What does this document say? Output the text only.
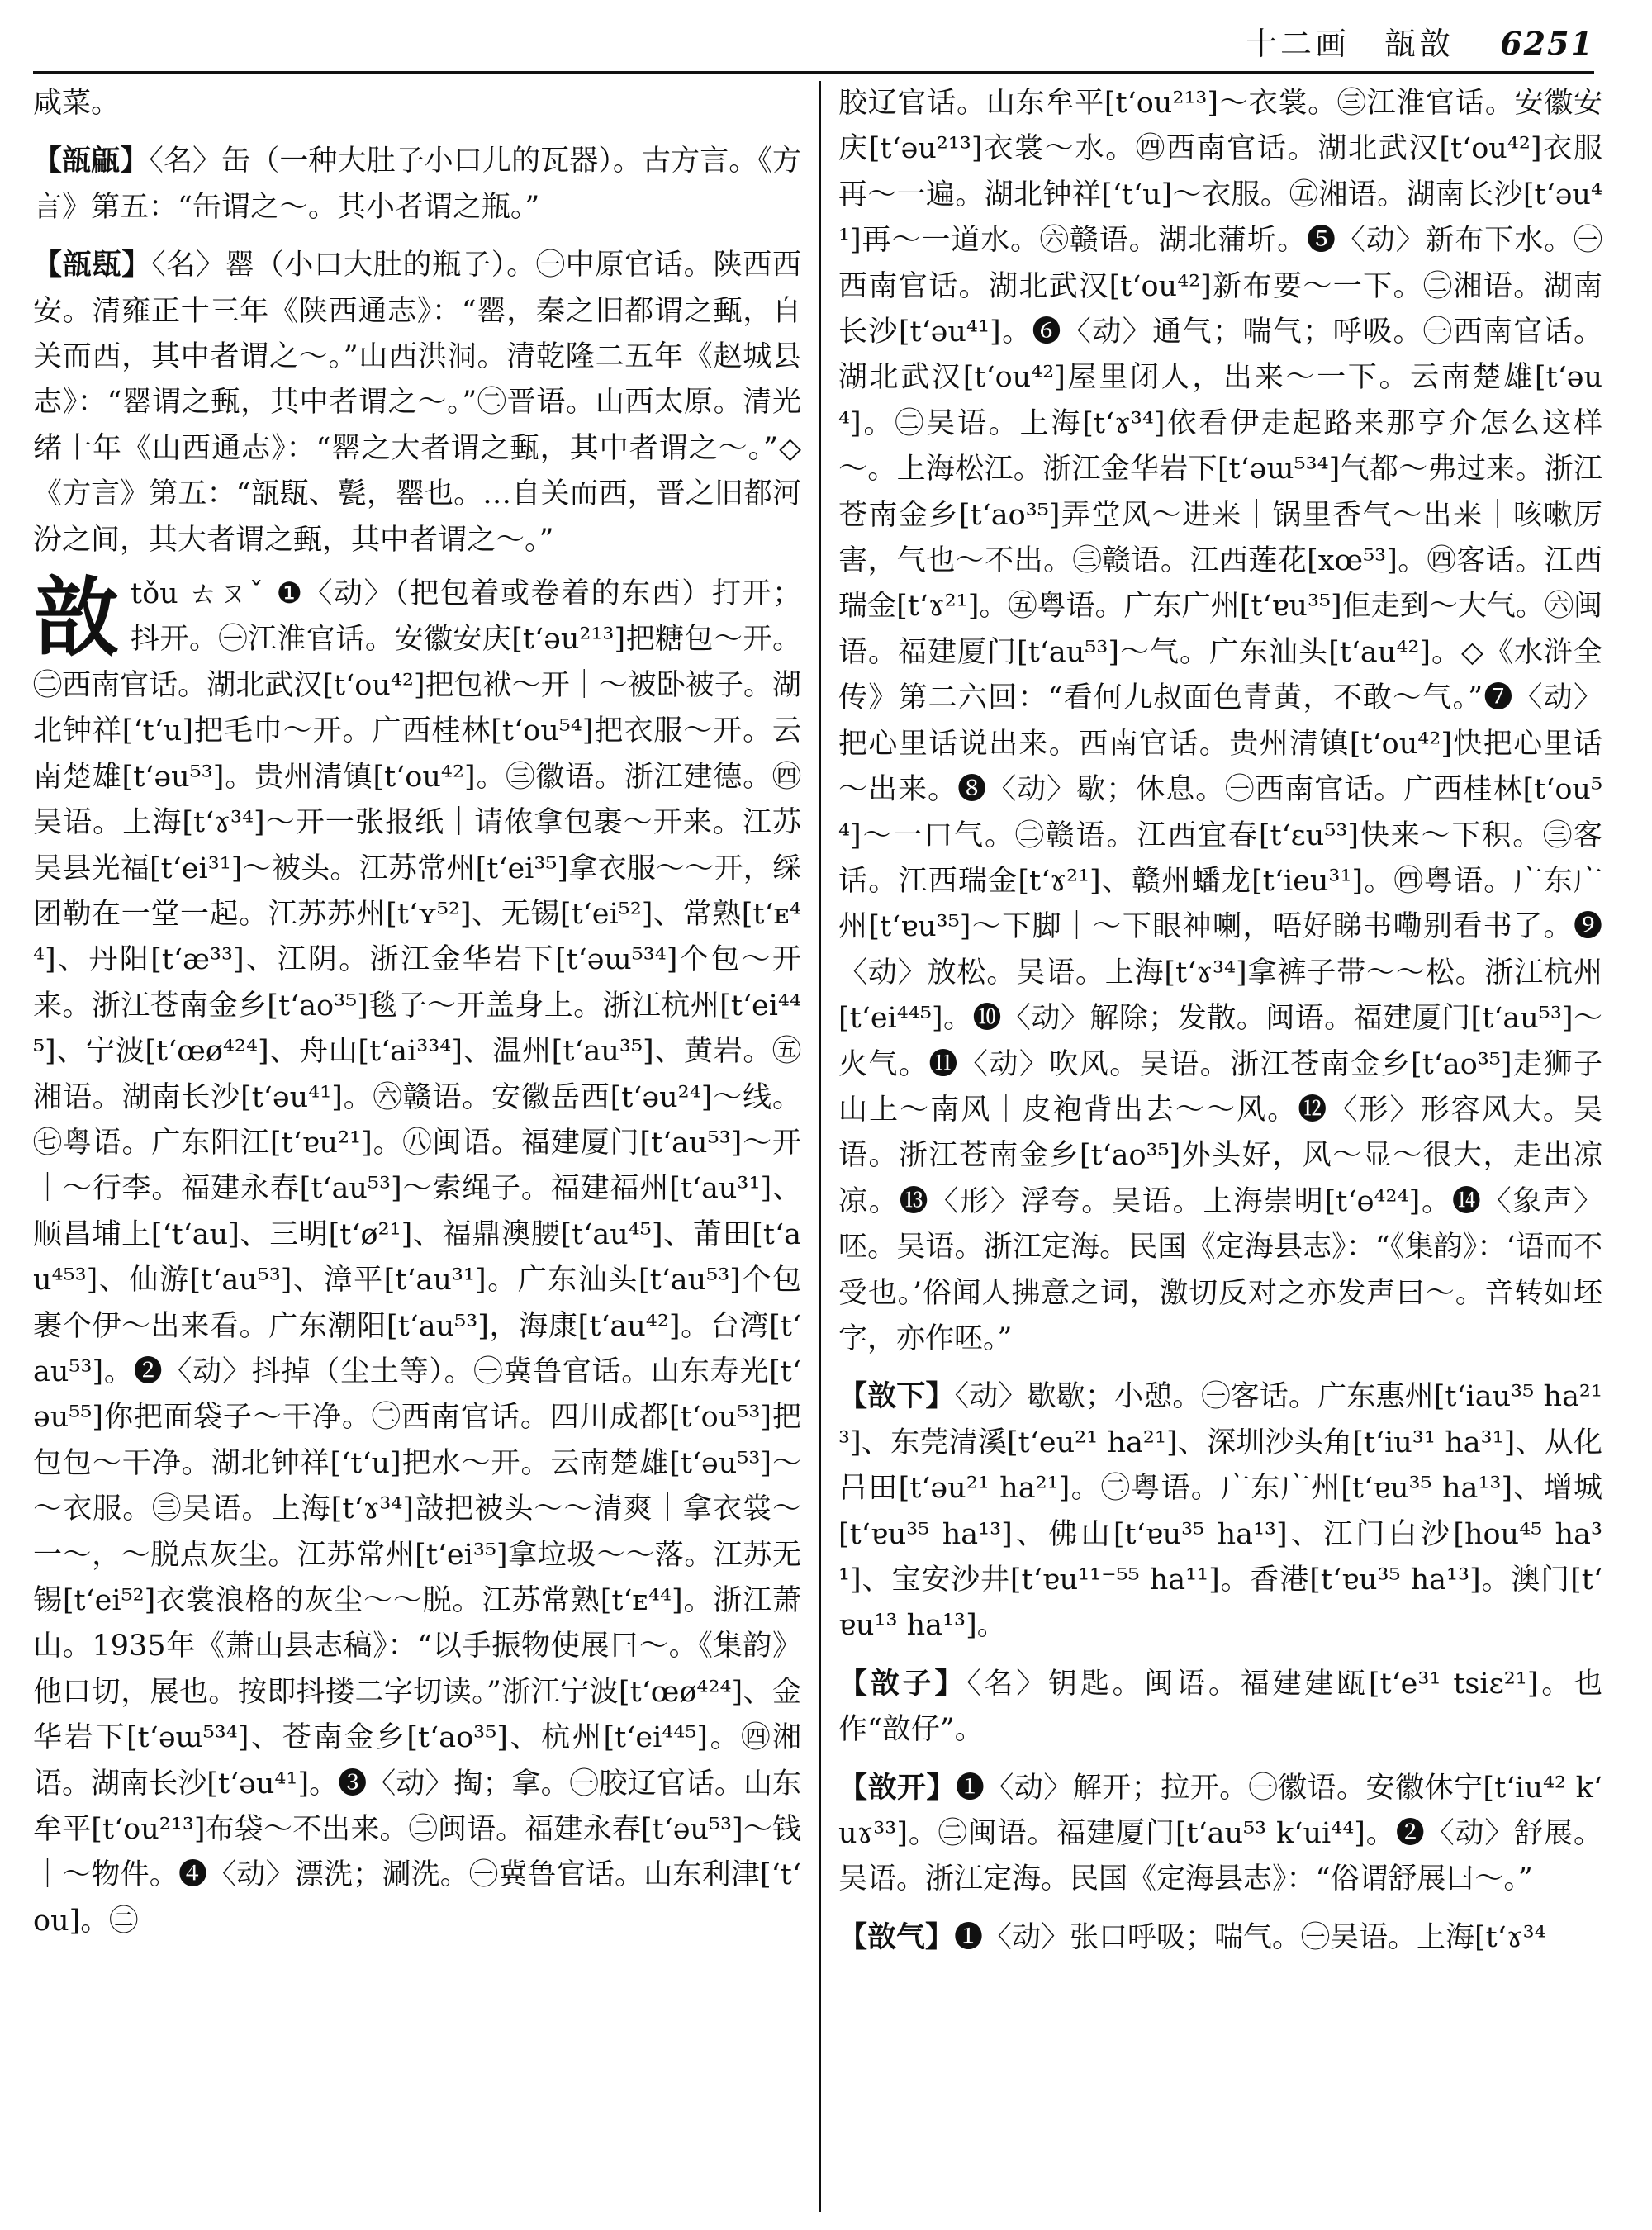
十二画 瓿敨 6251

咸菜。

【瓿甂】〈名〉缶（一种大肚子小口儿的瓦器）。古方言。《方言》第五：“缶谓之～。其小者谓之瓶。”

【瓿瓺】〈名〉罂（小口大肚的瓶子）。㊀中原官话。陕西西安。清雍正十三年《陕西通志》：“罂，秦之旧都谓之甀，自关而西，其中者谓之～。”山西洪洞。清乾隆二五年《赵城县志》：“罂谓之甀，其中者谓之～。”㊁晋语。山西太原。清光绪十年《山西通志》：“罂之大者谓之甀，其中者谓之～。”◇《方言》第五：“瓿瓺、甏，罂也。…自关而西，晋之旧都河汾之间，其大者谓之甀，其中者谓之～。”

敨 tǒu ㄊㄡˇ ❶〈动〉（把包着或卷着的东西）打开；抖开。㊀江淮官话。安徽安庆[tʻəu²¹³]把糖包～开。㊁西南官话。湖北武汉[tʻou⁴²]把包袱～开｜～被卧被子。湖北钟祥[ʻtʻu]把毛巾～开。广西桂林[tʻou⁵⁴]把衣服～开。云南楚雄[tʻəu⁵³]。贵州清镇[tʻou⁴²]。㊂徽语。浙江建德。㊃吴语。上海[tʻɤ³⁴]～开一张报纸｜请侬拿包裹～开来。江苏吴县光福[tʻei³¹]～被头。江苏常州[tʻei³⁵]拿衣服～～开，䌽团勒在一堂一起。江苏苏州[tʻʏ⁵²]、无锡[tʻei⁵²]、常熟[tʻᴇ⁴⁴]、丹阳[tʻæ³³]、江阴。浙江金华岩下[tʻəɯ⁵³⁴]个包～开来。浙江苍南金乡[tʻao³⁵]毯子～开盖身上。浙江杭州[tʻei⁴⁴⁵]、宁波[tʻœø⁴²⁴]、舟山[tʻai³³⁴]、温州[tʻau³⁵]、黄岩。㊄湘语。湖南长沙[tʻəu⁴¹]。㊅赣语。安徽岳西[tʻəu²⁴]～线。㊆粤语。广东阳江[tʻɐu²¹]。㊇闽语。福建厦门[tʻau⁵³]～开｜～行李。福建永春[tʻau⁵³]～索绳子。福建福州[tʻau³¹]、顺昌埔上[ʻtʻau]、三明[tʻø²¹]、福鼎澳腰[tʻau⁴⁵]、莆田[tʻau⁴⁵³]、仙游[tʻau⁵³]、漳平[tʻau³¹]。广东汕头[tʻau⁵³]个包裹个伊～出来看。广东潮阳[tʻau⁵³]，海康[tʻau⁴²]。台湾[tʻau⁵³]。❷〈动〉抖掉（尘土等）。㊀冀鲁官话。山东寿光[tʻəu⁵⁵]你把面袋子～干净。㊁西南官话。四川成都[tʻou⁵³]把包包～干净。湖北钟祥[ʻtʻu]把水～开。云南楚雄[tʻəu⁵³]～～衣服。㊂吴语。上海[tʻɤ³⁴]㪗把被头～～清爽｜拿衣裳～一～，～脱点灰尘。江苏常州[tʻei³⁵]拿垃圾～～落。江苏无锡[tʻei⁵²]衣裳浪格的灰尘～～脱。江苏常熟[tʻᴇ⁴⁴]。浙江萧山。1935年《萧山县志稿》：“以手振物使展曰～。《集韵》他口切，展也。按即抖搂二字切读。”浙江宁波[tʻœø⁴²⁴]、金华岩下[tʻəɯ⁵³⁴]、苍南金乡[tʻao³⁵]、杭州[tʻei⁴⁴⁵]。㊃湘语。湖南长沙[tʻəu⁴¹]。❸〈动〉掏；拿。㊀胶辽官话。山东牟平[tʻou²¹³]布袋～不出来。㊁闽语。福建永春[tʻəu⁵³]～钱｜～物件。❹〈动〉漂洗；涮洗。㊀冀鲁官话。山东利津[ʻtʻou]。㊁

胶辽官话。山东牟平[tʻou²¹³]～衣裳。㊂江淮官话。安徽安庆[tʻəu²¹³]衣裳～水。㊃西南官话。湖北武汉[tʻou⁴²]衣服再～一遍。湖北钟祥[ʻtʻu]～衣服。㊄湘语。湖南长沙[tʻəu⁴¹]再～一道水。㊅赣语。湖北蒲圻。❺〈动〉新布下水。㊀西南官话。湖北武汉[tʻou⁴²]新布要～一下。㊁湘语。湖南长沙[tʻəu⁴¹]。❻〈动〉通气；喘气；呼吸。㊀西南官话。湖北武汉[tʻou⁴²]屋里闭人，出来～一下。云南楚雄[tʻəu⁴]。㊁吴语。上海[tʻɤ³⁴]依看伊走起路来那亨介怎么这样～。上海松江。浙江金华岩下[tʻəɯ⁵³⁴]气都～弗过来。浙江苍南金乡[tʻao³⁵]弄堂风～进来｜锅里香气～出来｜咳嗽厉害，气也～不出。㊂赣语。江西莲花[xœ⁵³]。㊃客话。江西瑞金[tʻɤ²¹]。㊄粤语。广东广州[tʻɐu³⁵]佢走到～大气。㊅闽语。福建厦门[tʻau⁵³]～气。广东汕头[tʻau⁴²]。◇《水浒全传》第二六回：“看何九叔面色青黄，不敢～气。”❼〈动〉把心里话说出来。西南官话。贵州清镇[tʻou⁴²]快把心里话～出来。❽〈动〉歇；休息。㊀西南官话。广西桂林[tʻou⁵⁴]～一口气。㊁赣语。江西宜春[tʻɛu⁵³]快来～下积。㊂客话。江西瑞金[tʻɤ²¹]、赣州蟠龙[tʻieu³¹]。㊃粤语。广东广州[tʻɐu³⁵]～下脚｜～下眼神喇，唔好睇书嘞别看书了。❾〈动〉放松。吴语。上海[tʻɤ³⁴]拿裤子带～～松。浙江杭州[tʻei⁴⁴⁵]。❿〈动〉解除；发散。闽语。福建厦门[tʻau⁵³]～火气。⓫〈动〉吹风。吴语。浙江苍南金乡[tʻao³⁵]走狮子山上～南风｜皮袍背出去～～风。⓬〈形〉形容风大。吴语。浙江苍南金乡[tʻao³⁵]外头好，风～显～很大，走出凉凉。⓭〈形〉浮夸。吴语。上海崇明[tʻɵ⁴²⁴]。⓮〈象声〉呸。吴语。浙江定海。民国《定海县志》：“《集韵》：‘语而不受也。’俗闻人拂意之词，激切反对之亦发声曰～。音转如坯字，亦作呸。”

【敨下】〈动〉歇歇；小憩。㊀客话。广东惠州[tʻiau³⁵ ha²¹³]、东莞清溪[tʻeu²¹ ha²¹]、深圳沙头角[tʻiu³¹ ha³¹]、从化吕田[tʻəu²¹ ha²¹]。㊁粤语。广东广州[tʻɐu³⁵ ha¹³]、增城[tʻɐu³⁵ ha¹³]、佛山[tʻɐu³⁵ ha¹³]、江门白沙[hou⁴⁵ ha³¹]、宝安沙井[tʻɐu¹¹⁻⁵⁵ ha¹¹]。香港[tʻɐu³⁵ ha¹³]。澳门[tʻɐu¹³ ha¹³]。

【敨子】〈名〉钥匙。闽语。福建建瓯[tʻe³¹ tsiɛ²¹]。也作“敨仔”。

【敨开】❶〈动〉解开；拉开。㊀徽语。安徽休宁[tʻiu⁴² kʻuɤ³³]。㊁闽语。福建厦门[tʻau⁵³ kʻui⁴⁴]。❷〈动〉舒展。吴语。浙江定海。民国《定海县志》：“俗谓舒展曰～。”

【敨气】❶〈动〉张口呼吸；喘气。㊀吴语。上海[tʻɤ³⁴
